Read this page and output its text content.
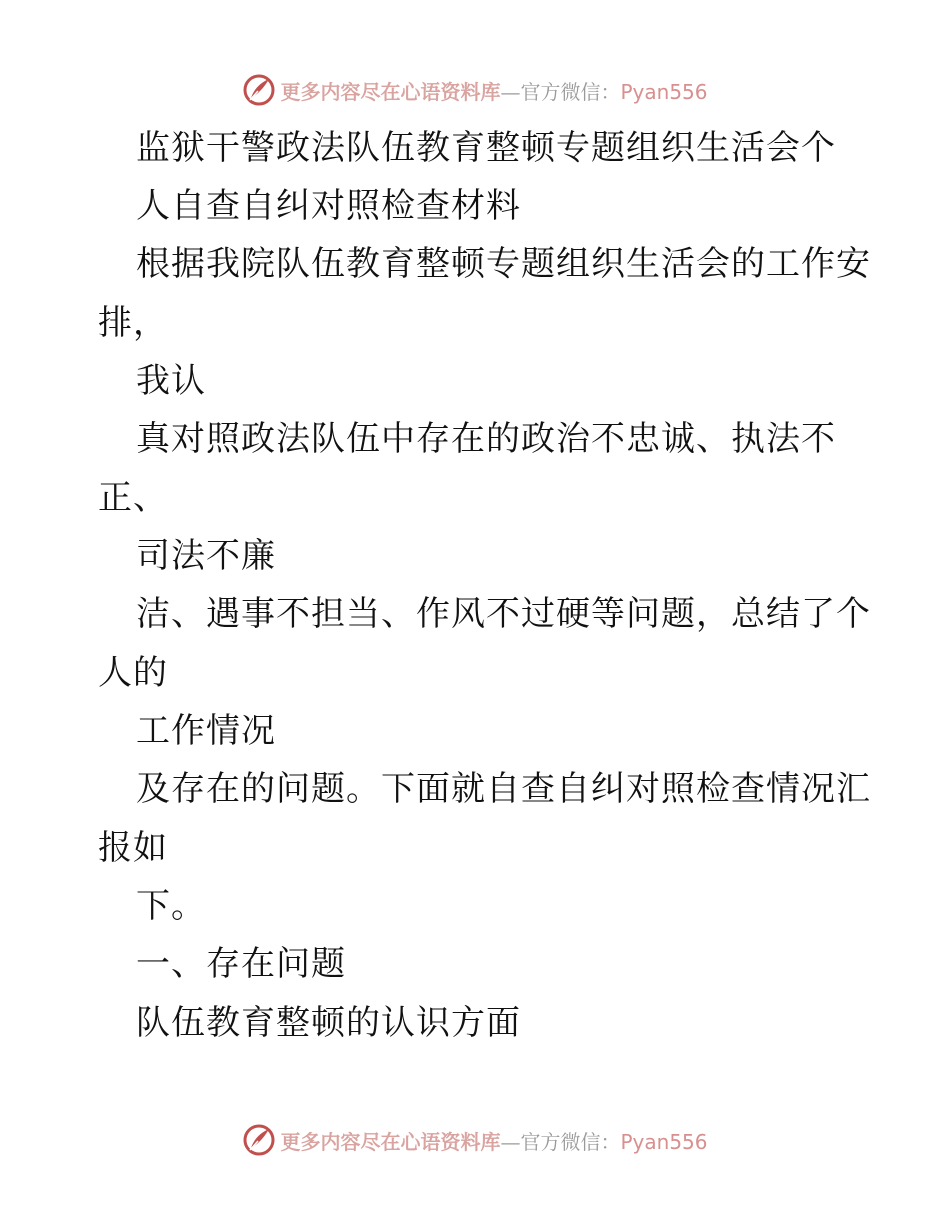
更多内容尽在心语资料库—官方微信：Pyan556
监狱干警政法队伍教育整顿专题组织生活会个
人自查自纠对照检查材料
根据我院队伍教育整顿专题组织生活会的工作安
排，
我认
真对照政法队伍中存在的政治不忠诚、执法不
正、
司法不廉
洁、遇事不担当、作风不过硬等问题，总结了个
人的
工作情况
及存在的问题。下面就自查自纠对照检查情况汇
报如
下。
一、存在问题
队伍教育整顿的认识方面
更多内容尽在心语资料库—官方微信：Pyan556
